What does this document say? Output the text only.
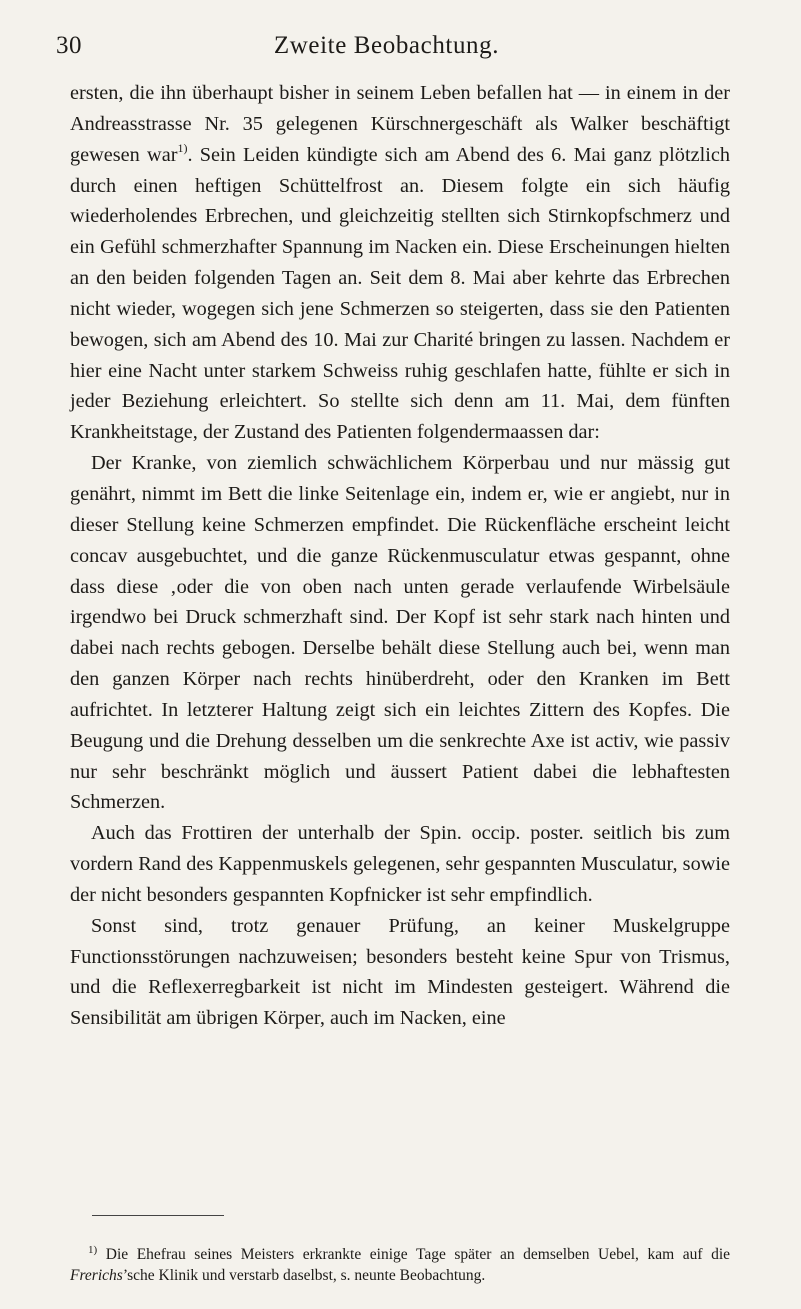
30	Zweite Beobachtung.

ersten, die ihn überhaupt bisher in seinem Leben befallen hat — in einem in der Andreasstrasse Nr. 35 gelegenen Kürschnergeschäft als Walker beschäftigt gewesen war$^{1)}$. Sein Leiden kündigte sich am Abend des 6. Mai ganz plötzlich durch einen heftigen Schüttelfrost an. Diesem folgte ein sich häufig wiederholendes Erbrechen, und gleichzeitig stellten sich Stirnkopfschmerz und ein Gefühl schmerzhafter Spannung im Nacken ein. Diese Erscheinungen hielten an den beiden folgenden Tagen an. Seit dem 8. Mai aber kehrte das Erbrechen nicht wieder, wogegen sich jene Schmerzen so steigerten, dass sie den Patienten bewogen, sich am Abend des 10. Mai zur Charité bringen zu lassen. Nachdem er hier eine Nacht unter starkem Schweiss ruhig geschlafen hatte, fühlte er sich in jeder Beziehung erleichtert. So stellte sich denn am 11. Mai, dem fünften Krankheitstage, der Zustand des Patienten folgendermaassen dar:

Der Kranke, von ziemlich schwächlichem Körperbau und nur mässig gut genährt, nimmt im Bett die linke Seitenlage ein, indem er, wie er angiebt, nur in dieser Stellung keine Schmerzen empfindet. Die Rückenfläche erscheint leicht concav ausgebuchtet, und die ganze Rückenmusculatur etwas gespannt, ohne dass diese ‚oder die von oben nach unten gerade verlaufende Wirbelsäule irgendwo bei Druck schmerzhaft sind. Der Kopf ist sehr stark nach hinten und dabei nach rechts gebogen. Derselbe behält diese Stellung auch bei, wenn man den ganzen Körper nach rechts hinüberdreht, oder den Kranken im Bett aufrichtet. In letzterer Haltung zeigt sich ein leichtes Zittern des Kopfes. Die Beugung und die Drehung desselben um die senkrechte Axe ist activ, wie passiv nur sehr beschränkt möglich und äussert Patient dabei die lebhaftesten Schmerzen.

Auch das Frottiren der unterhalb der Spin. occip. poster. seitlich bis zum vordern Rand des Kappenmuskels gelegenen, sehr gespannten Musculatur, sowie der nicht besonders gespannten Kopfnicker ist sehr empfindlich.

Sonst sind, trotz genauer Prüfung, an keiner Muskelgruppe Functionsstörungen nachzuweisen; besonders besteht keine Spur von Trismus, und die Reflexerregbarkeit ist nicht im Mindesten gesteigert. Während die Sensibilität am übrigen Körper, auch im Nacken, eine

$^{1)}$ Die Ehefrau seines Meisters erkrankte einige Tage später an demselben Uebel, kam auf die Frerichs’sche Klinik und verstarb daselbst, s. neunte Beobachtung.
